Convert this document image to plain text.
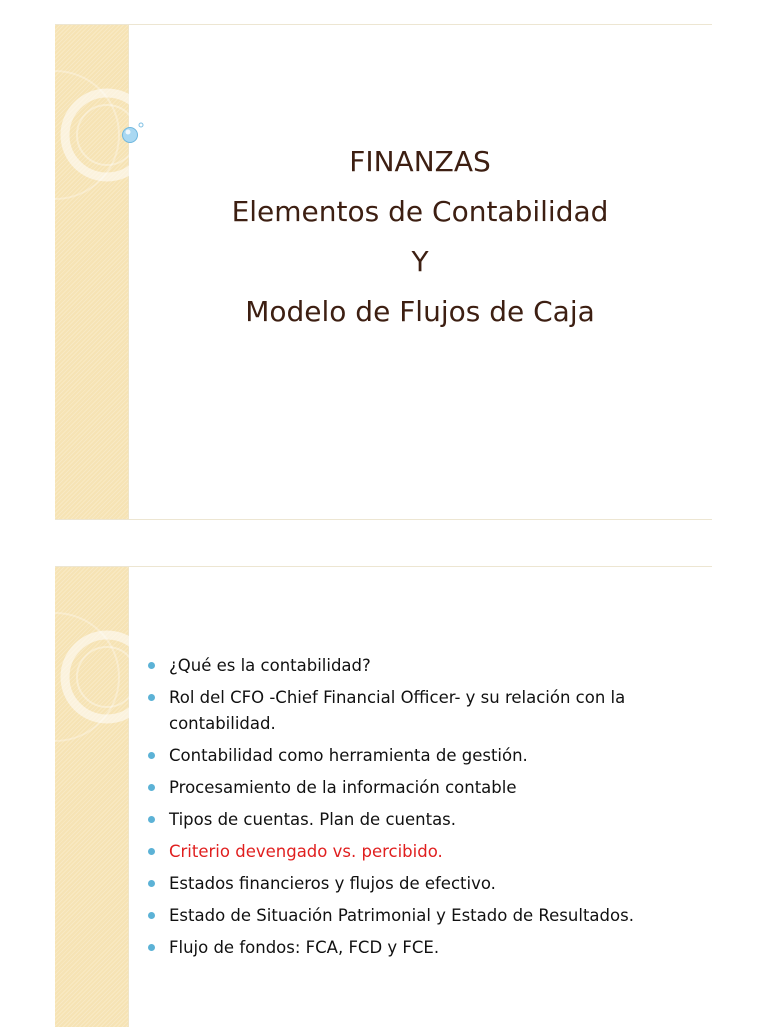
FINANZAS
Elementos de Contabilidad
Y
Modelo de Flujos de Caja
¿Qué es la contabilidad?
Rol del CFO -Chief Financial Officer- y su relación con la contabilidad.
Contabilidad como herramienta de gestión.
Procesamiento de la información contable
Tipos de cuentas. Plan de cuentas.
Criterio devengado vs. percibido.
Estados financieros y flujos de efectivo.
Estado de Situación Patrimonial y Estado de Resultados.
Flujo de fondos: FCA, FCD y FCE.
